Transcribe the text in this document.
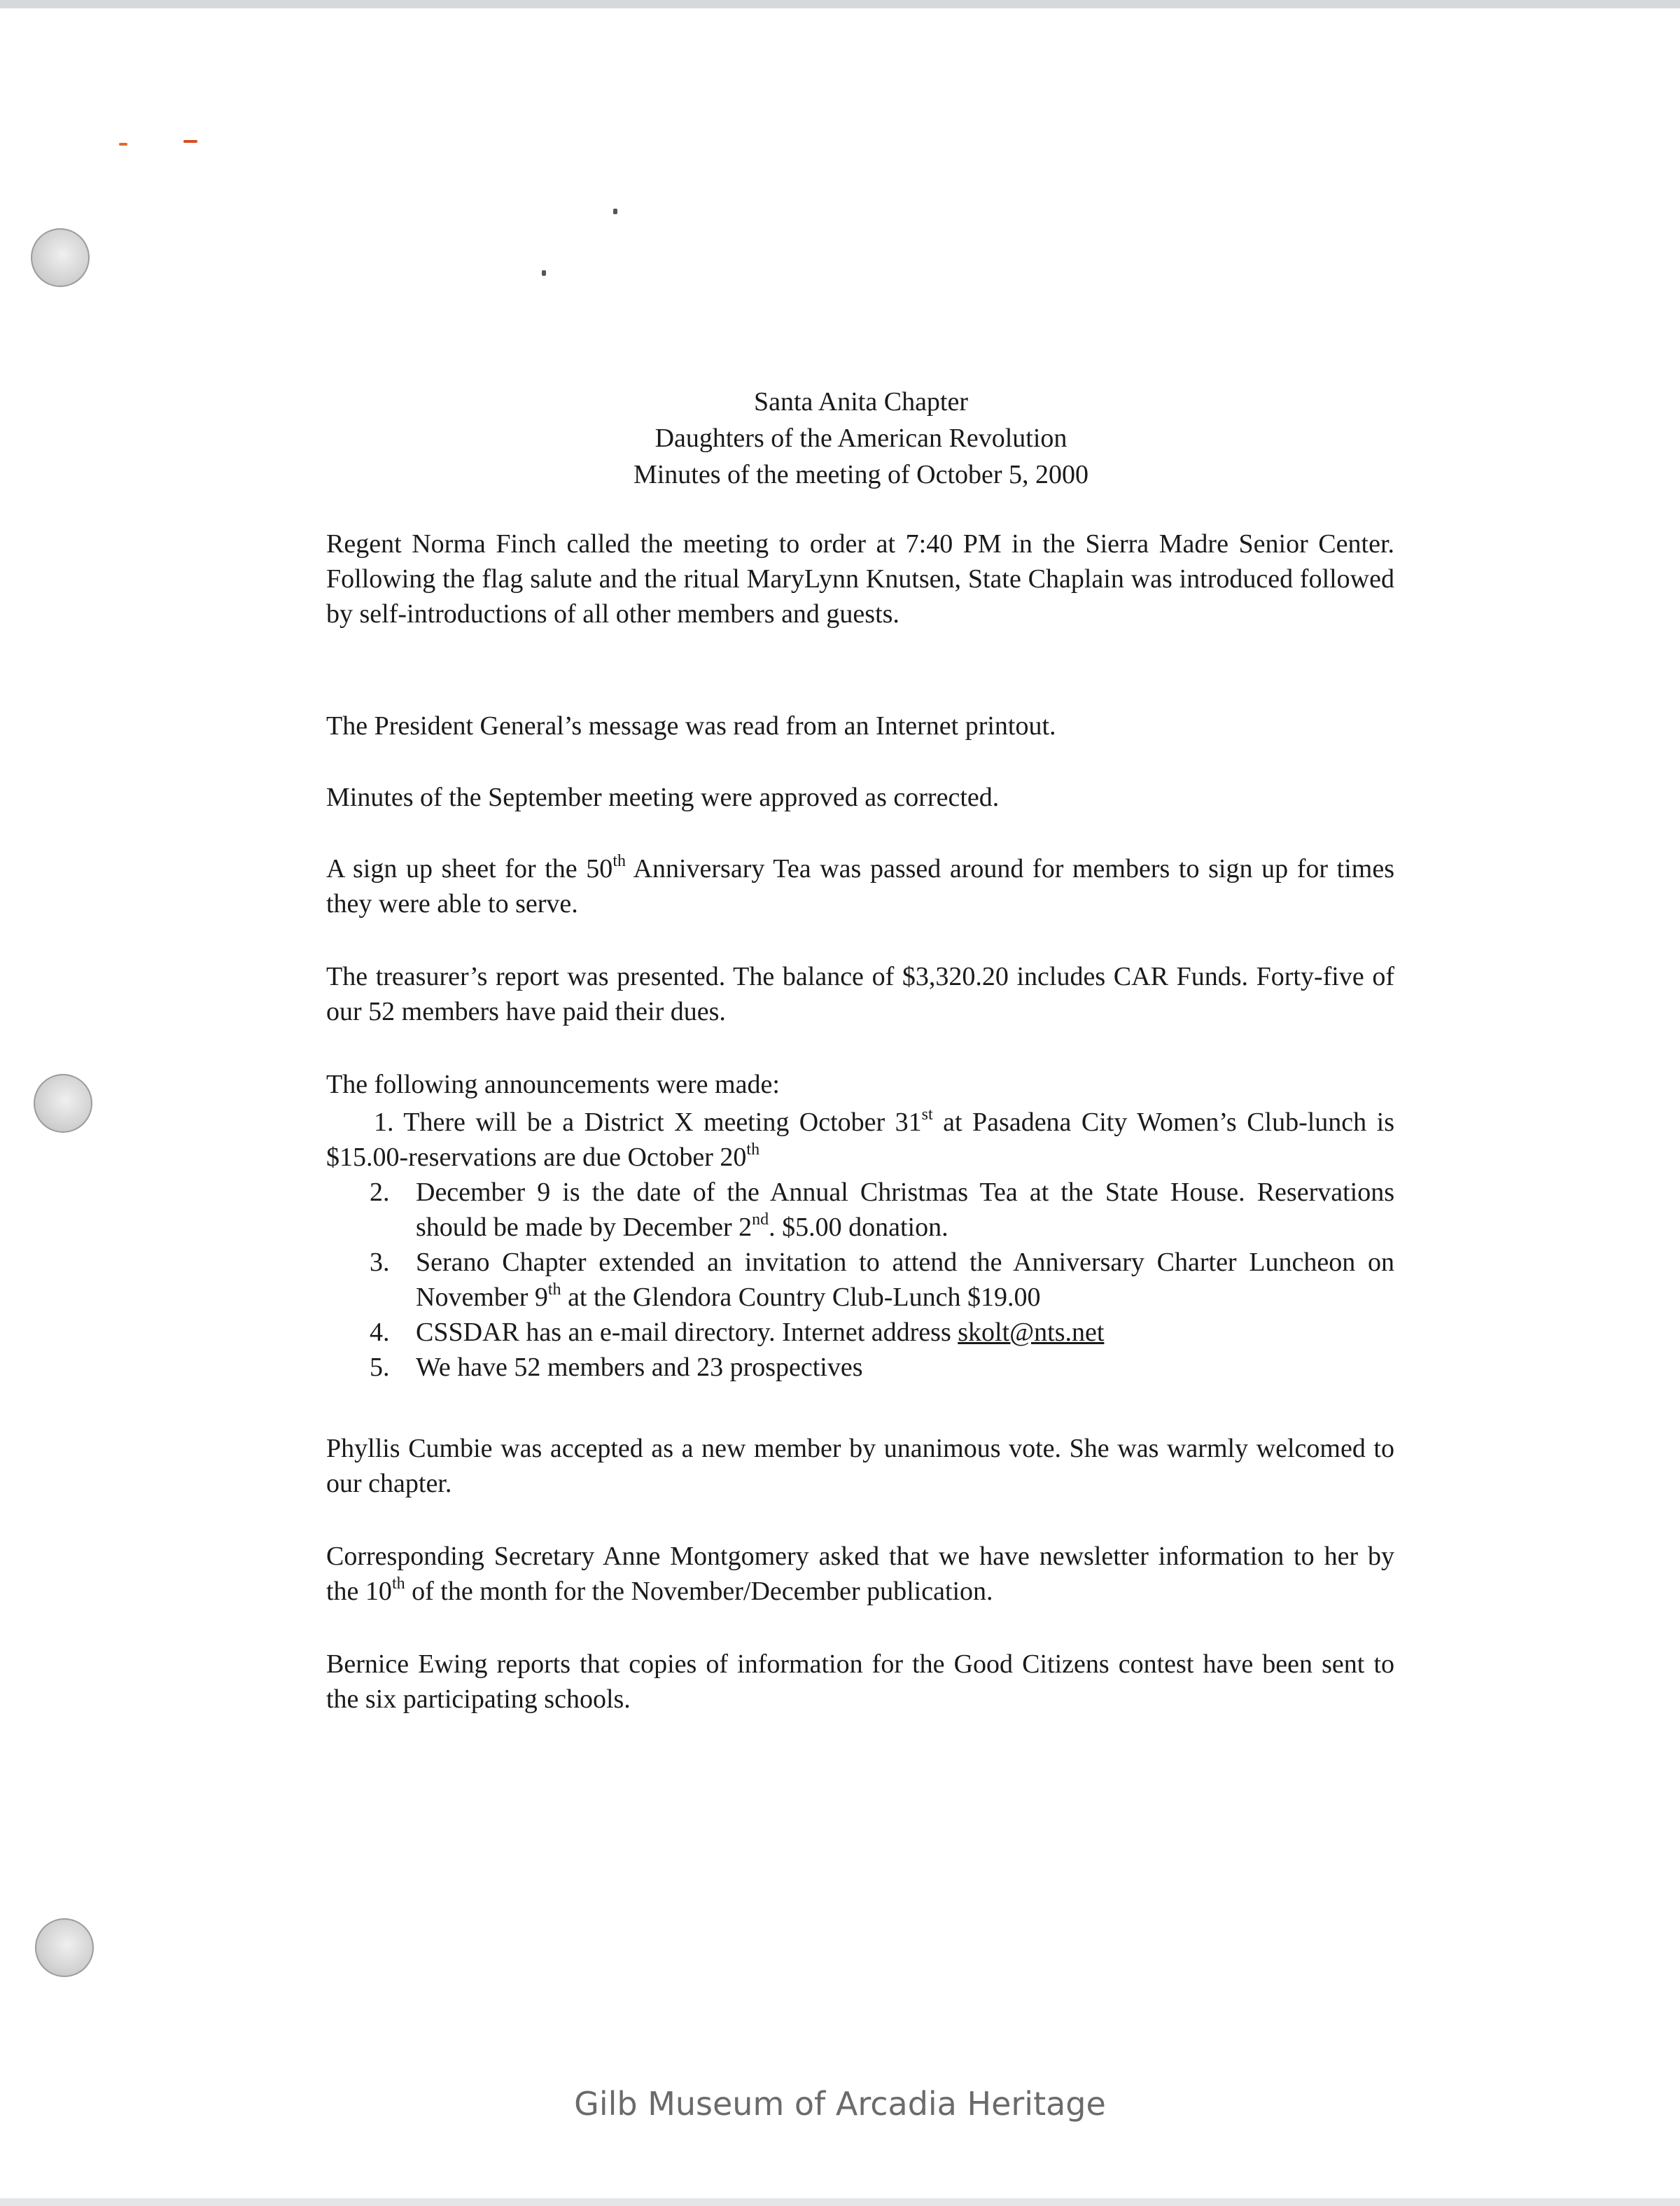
Santa Anita Chapter
Daughters of the American Revolution
Minutes of the meeting of October 5, 2000

Regent Norma Finch called the meeting to order at 7:40 PM in the Sierra Madre Senior Center. Following the flag salute and the ritual MaryLynn Knutsen, State Chaplain was introduced followed by self-introductions of all other members and guests.

The President General’s message was read from an Internet printout.

Minutes of the September meeting were approved as corrected.

A sign up sheet for the 50th Anniversary Tea was passed around for members to sign up for times they were able to serve.

The treasurer’s report was presented. The balance of $3,320.20 includes CAR Funds. Forty-five of our 52 members have paid their dues.

The following announcements were made:

1. There will be a District X meeting October 31st at Pasadena City Women’s Club-lunch is $15.00-reservations are due October 20th
2. December 9 is the date of the Annual Christmas Tea at the State House. Reservations should be made by December 2nd. $5.00 donation.
3. Serano Chapter extended an invitation to attend the Anniversary Charter Luncheon on November 9th at the Glendora Country Club-Lunch $19.00
4. CSSDAR has an e-mail directory. Internet address skolt@nts.net
5. We have 52 members and 23 prospectives

Phyllis Cumbie was accepted as a new member by unanimous vote. She was warmly welcomed to our chapter.

Corresponding Secretary Anne Montgomery asked that we have newsletter information to her by the 10th of the month for the November/December publication.

Bernice Ewing reports that copies of information for the Good Citizens contest have been sent to the six participating schools.

Gilb Museum of Arcadia Heritage
